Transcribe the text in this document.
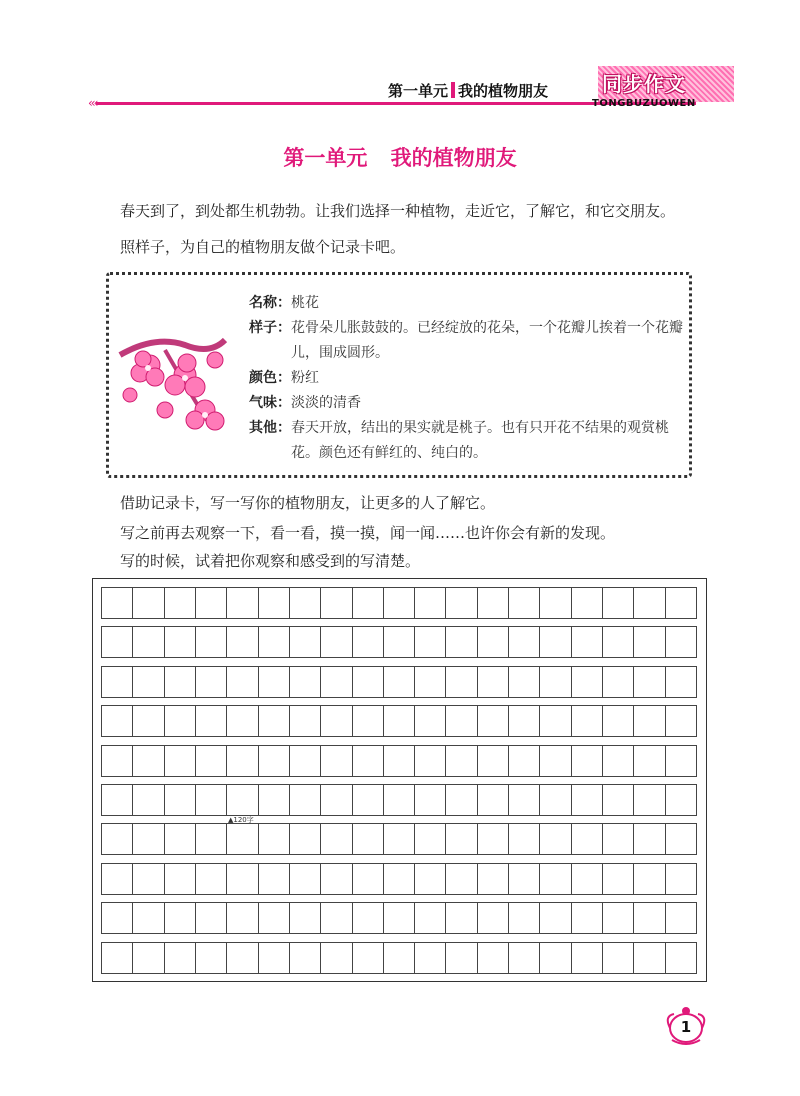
‹‹‹
第一单元 我的植物朋友	同步作文
TONGBUZUOWEN
第一单元 我的植物朋友
春天到了，到处都生机勃勃。让我们选择一种植物，走近它，了解它，和它交朋友。
照样子，为自己的植物朋友做个记录卡吧。
名称： 桃花
样子： 花骨朵儿胀鼓鼓的。已经绽放的花朵，一个花瓣儿挨着一个花瓣儿，围成圆形。
颜色： 粉红
气味： 淡淡的清香
其他： 春天开放，结出的果实就是桃子。也有只开花不结果的观赏桃花。颜色还有鲜红的、纯白的。
借助记录卡，写一写你的植物朋友，让更多的人了解它。
写之前再去观察一下，看一看，摸一摸，闻一闻……也许你会有新的发现。
写的时候，试着把你观察和感受到的写清楚。
▲120字
1
